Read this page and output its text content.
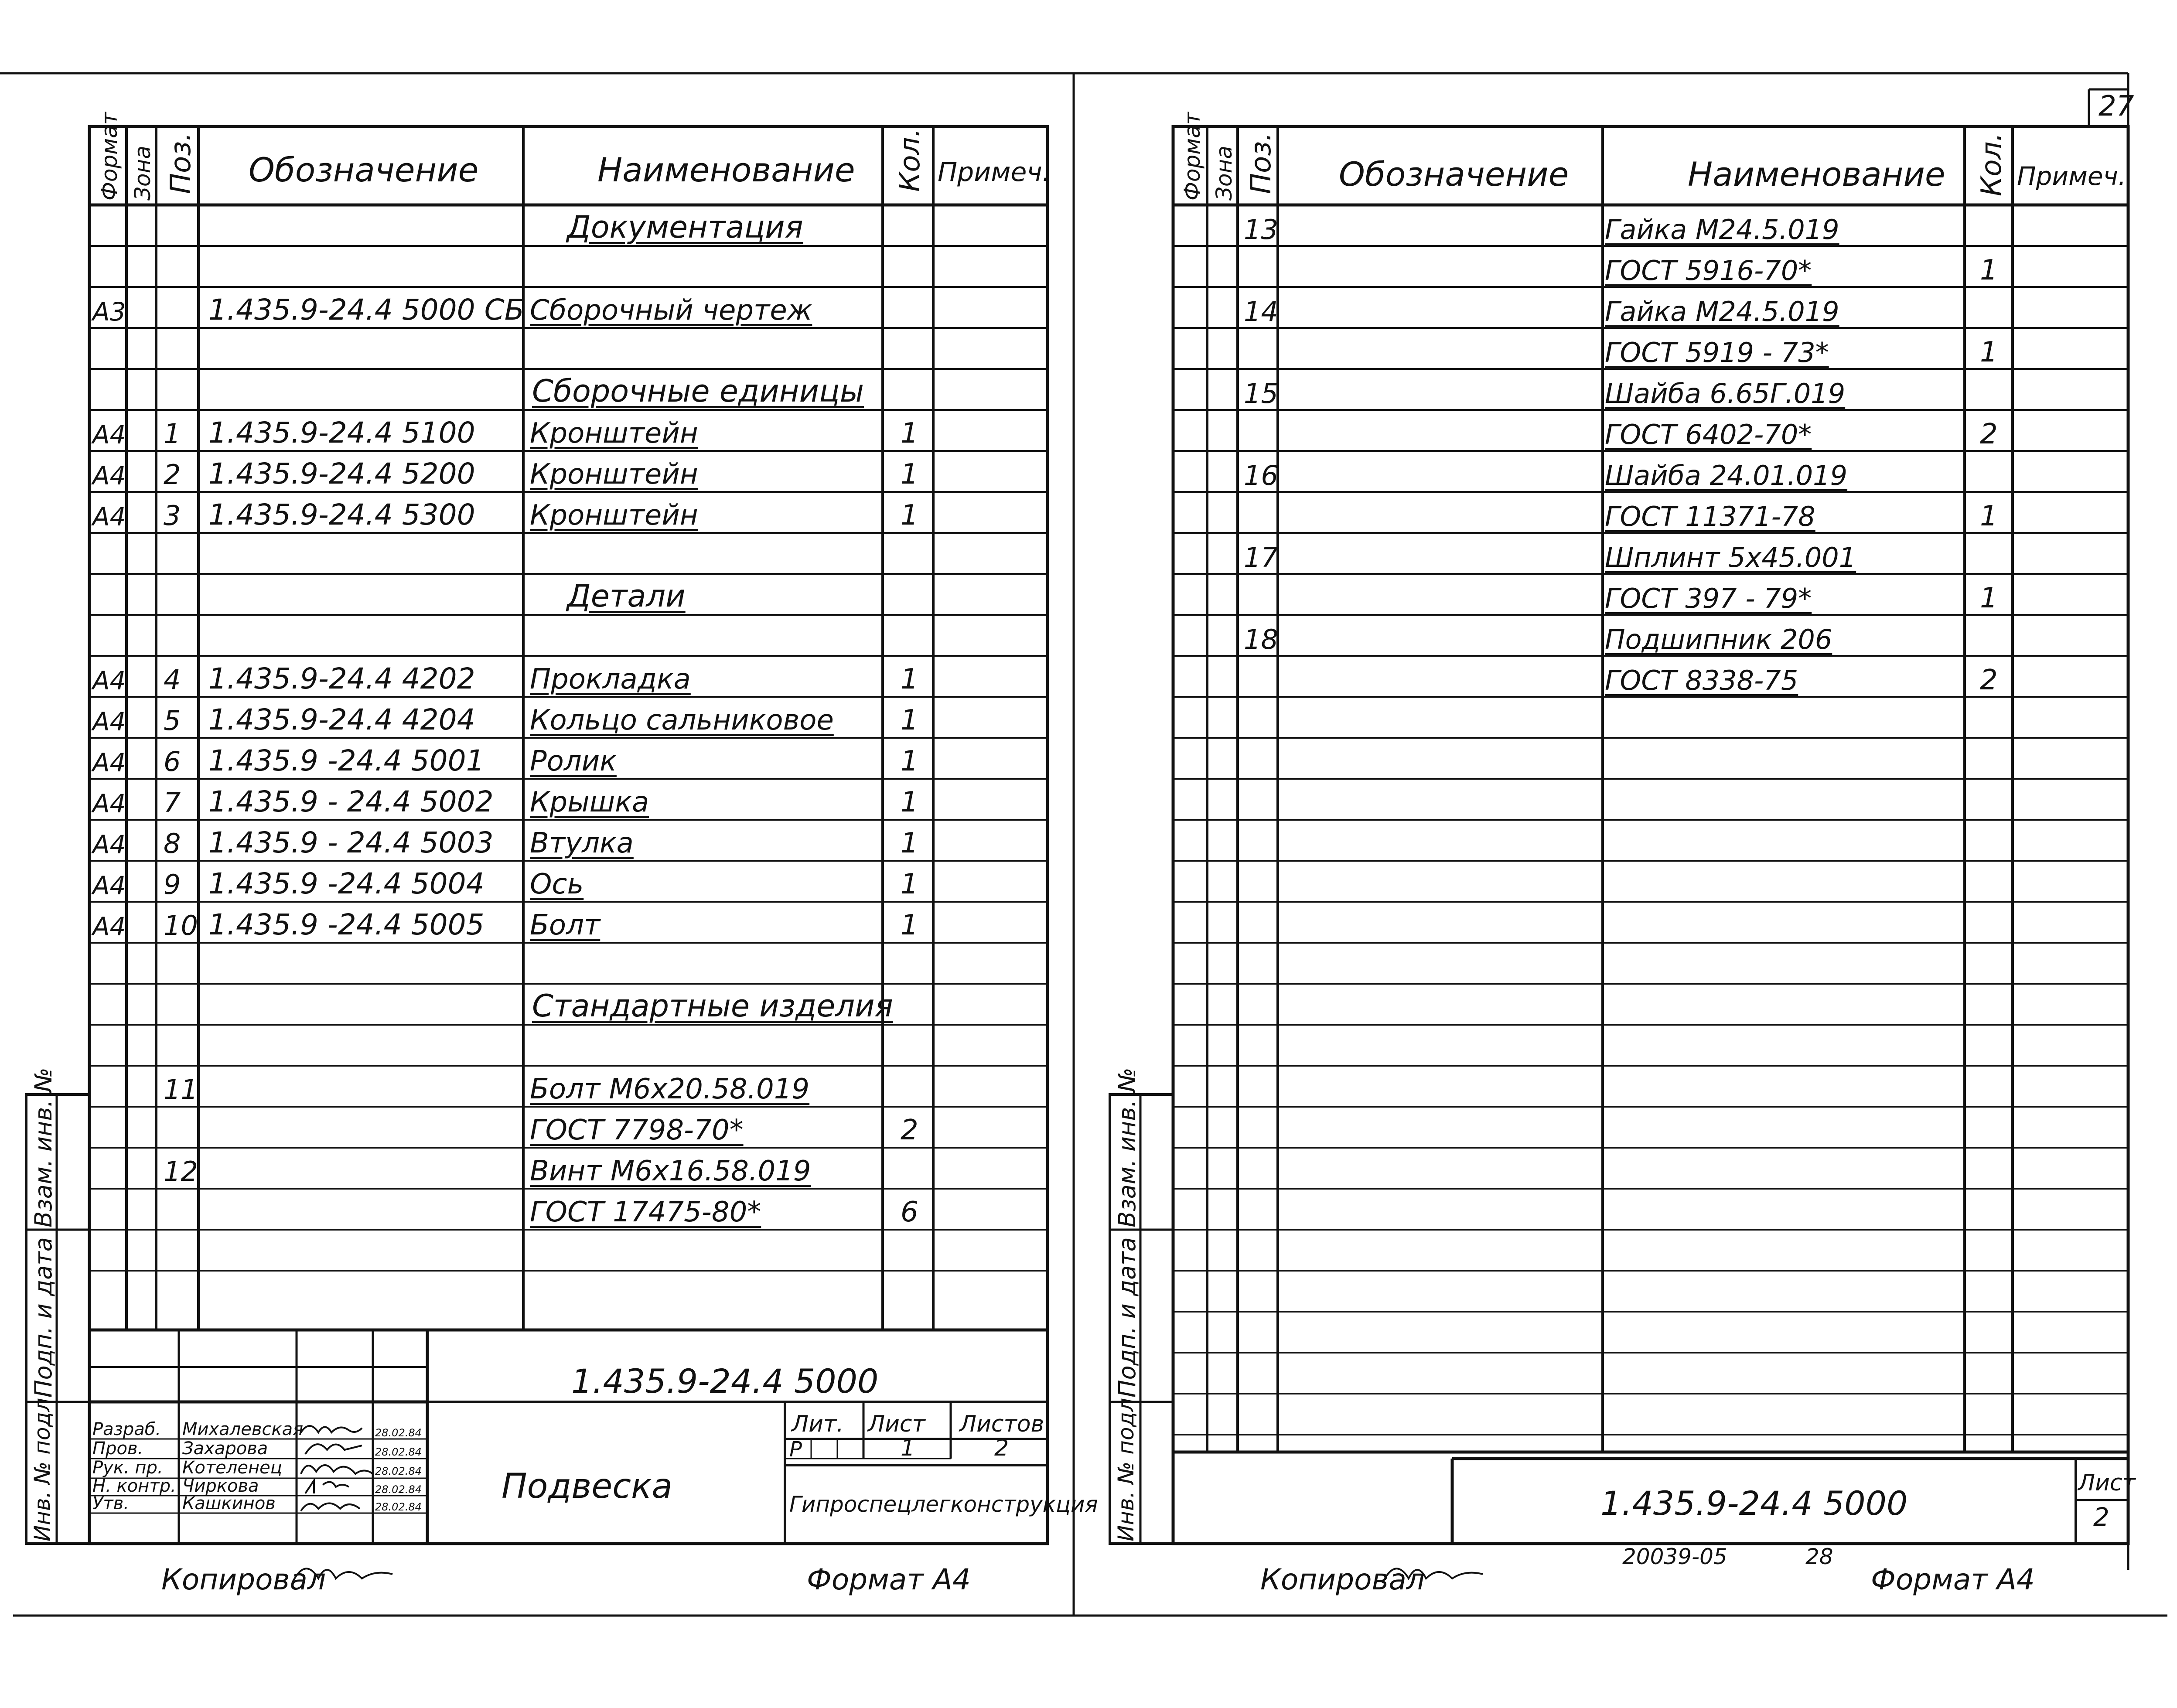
27
Формат Зона Поз. Обозначение	Наименование Кол. Примеч.
Документация
А3	1.435.9-24.4 5000 СБ Сборочный чертеж
Сборочные единицы
А4 1 1.435.9-24.4 5100 Кронштейн	1
А4 2 1.435.9-24.4 5200 Кронштейн	1
А4 3 1.435.9-24.4 5300 Кронштейн	1
Детали
А4 4 1.435.9-24.4 4202 Прокладка	1
А4 5 1.435.9-24.4 4204 Кольцо сальниковое 1
А4 6 1.435.9 -24.4 5001 Ролик	1
А4 7 1.435.9 - 24.4 5002 Крышка	1
А4 8 1.435.9 - 24.4 5003 Втулка	1
А4 9 1.435.9 -24.4 5004 Ось	1
А4 10 1.435.9 -24.4 5005 Болт	1
Стандартные изделия
11	Болт М6х20.58.019
ГОСТ 7798-70*	2
12	Винт М6х16.58.019
ГОСТ 17475-80*	6
Взам. инв. №
Подп. и дата
Инв. № подл.
1.435.9-24.4 5000
Подвеска
Лит. Лист Листов
Р	1	2
Гипроспецлегконструкция
Разраб. Михалевская	28.02.84
Пров. Захарова	28.02.84
Рук. пр. Котеленец	28.02.84
Н. контр. Чиркова	28.02.84
Утв.	Кашкинов	28.02.84
Копировал	Формат А4
Формат Зона Поз. Обозначение	Наименование Кол. Примеч.
13	Гайка М24.5.019
ГОСТ 5916-70*	1
14	Гайка М24.5.019
ГОСТ 5919 - 73*	1
15	Шайба 6.65Г.019
ГОСТ 6402-70*	2
16	Шайба 24.01.019
ГОСТ 11371-78	1
17	Шплинт 5х45.001
ГОСТ 397 - 79*	1
18	Подшипник 206
ГОСТ 8338-75	2
Взам. инв. №
Подп. и дата
Инв. № подл.	1.435.9-24.4 5000
Лист
2
20039-05	28
Копировал	Формат А4
